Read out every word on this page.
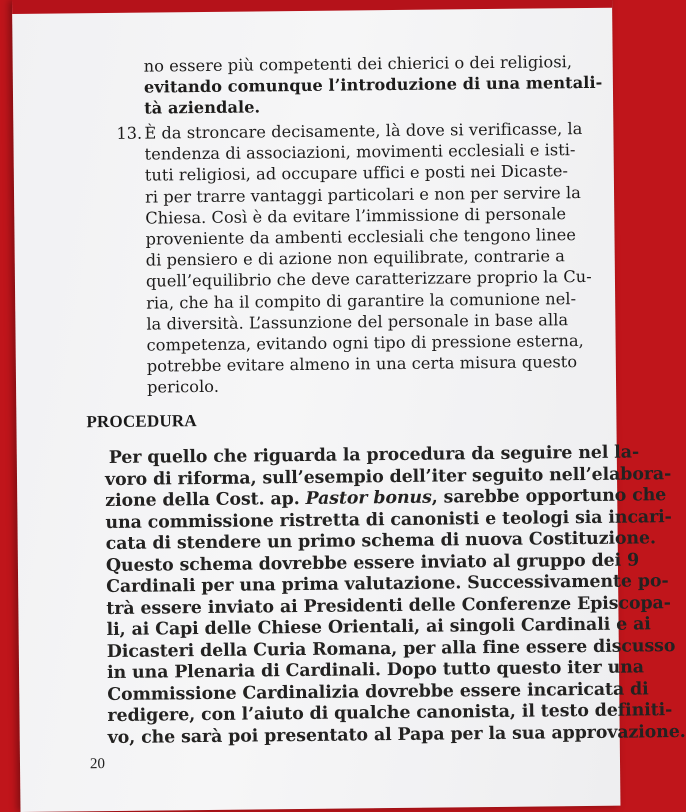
no essere più competenti dei chierici o dei religiosi,
evitando comunque l’introduzione di una mentali-
tà aziendale.
13. È da stroncare decisamente, là dove si verificasse, la
tendenza di associazioni, movimenti ecclesiali e isti-
tuti religiosi, ad occupare uffici e posti nei Dicaste-
ri per trarre vantaggi particolari e non per servire la
Chiesa. Così è da evitare l’immissione di personale
proveniente da ambenti ecclesiali che tengono linee
di pensiero e di azione non equilibrate, contrarie a
quell’equilibrio che deve caratterizzare proprio la Cu-
ria, che ha il compito di garantire la comunione nel-
la diversità. L’assunzione del personale in base alla
competenza, evitando ogni tipo di pressione esterna,
potrebbe evitare almeno in una certa misura questo
pericolo.
PROCEDURA
Per quello che riguarda la procedura da seguire nel la-
voro di riforma, sull’esempio dell’iter seguito nell’elabora-
zione della Cost. ap. Pastor bonus, sarebbe opportuno che
una commissione ristretta di canonisti e teologi sia incari-
cata di stendere un primo schema di nuova Costituzione.
Questo schema dovrebbe essere inviato al gruppo dei 9
Cardinali per una prima valutazione. Successivamente po-
trà essere inviato ai Presidenti delle Conferenze Episcopa-
li, ai Capi delle Chiese Orientali, ai singoli Cardinali e ai
Dicasteri della Curia Romana, per alla fine essere discusso
in una Plenaria di Cardinali. Dopo tutto questo iter una
Commissione Cardinalizia dovrebbe essere incaricata di
redigere, con l’aiuto di qualche canonista, il testo definiti-
vo, che sarà poi presentato al Papa per la sua approvazione.
20
